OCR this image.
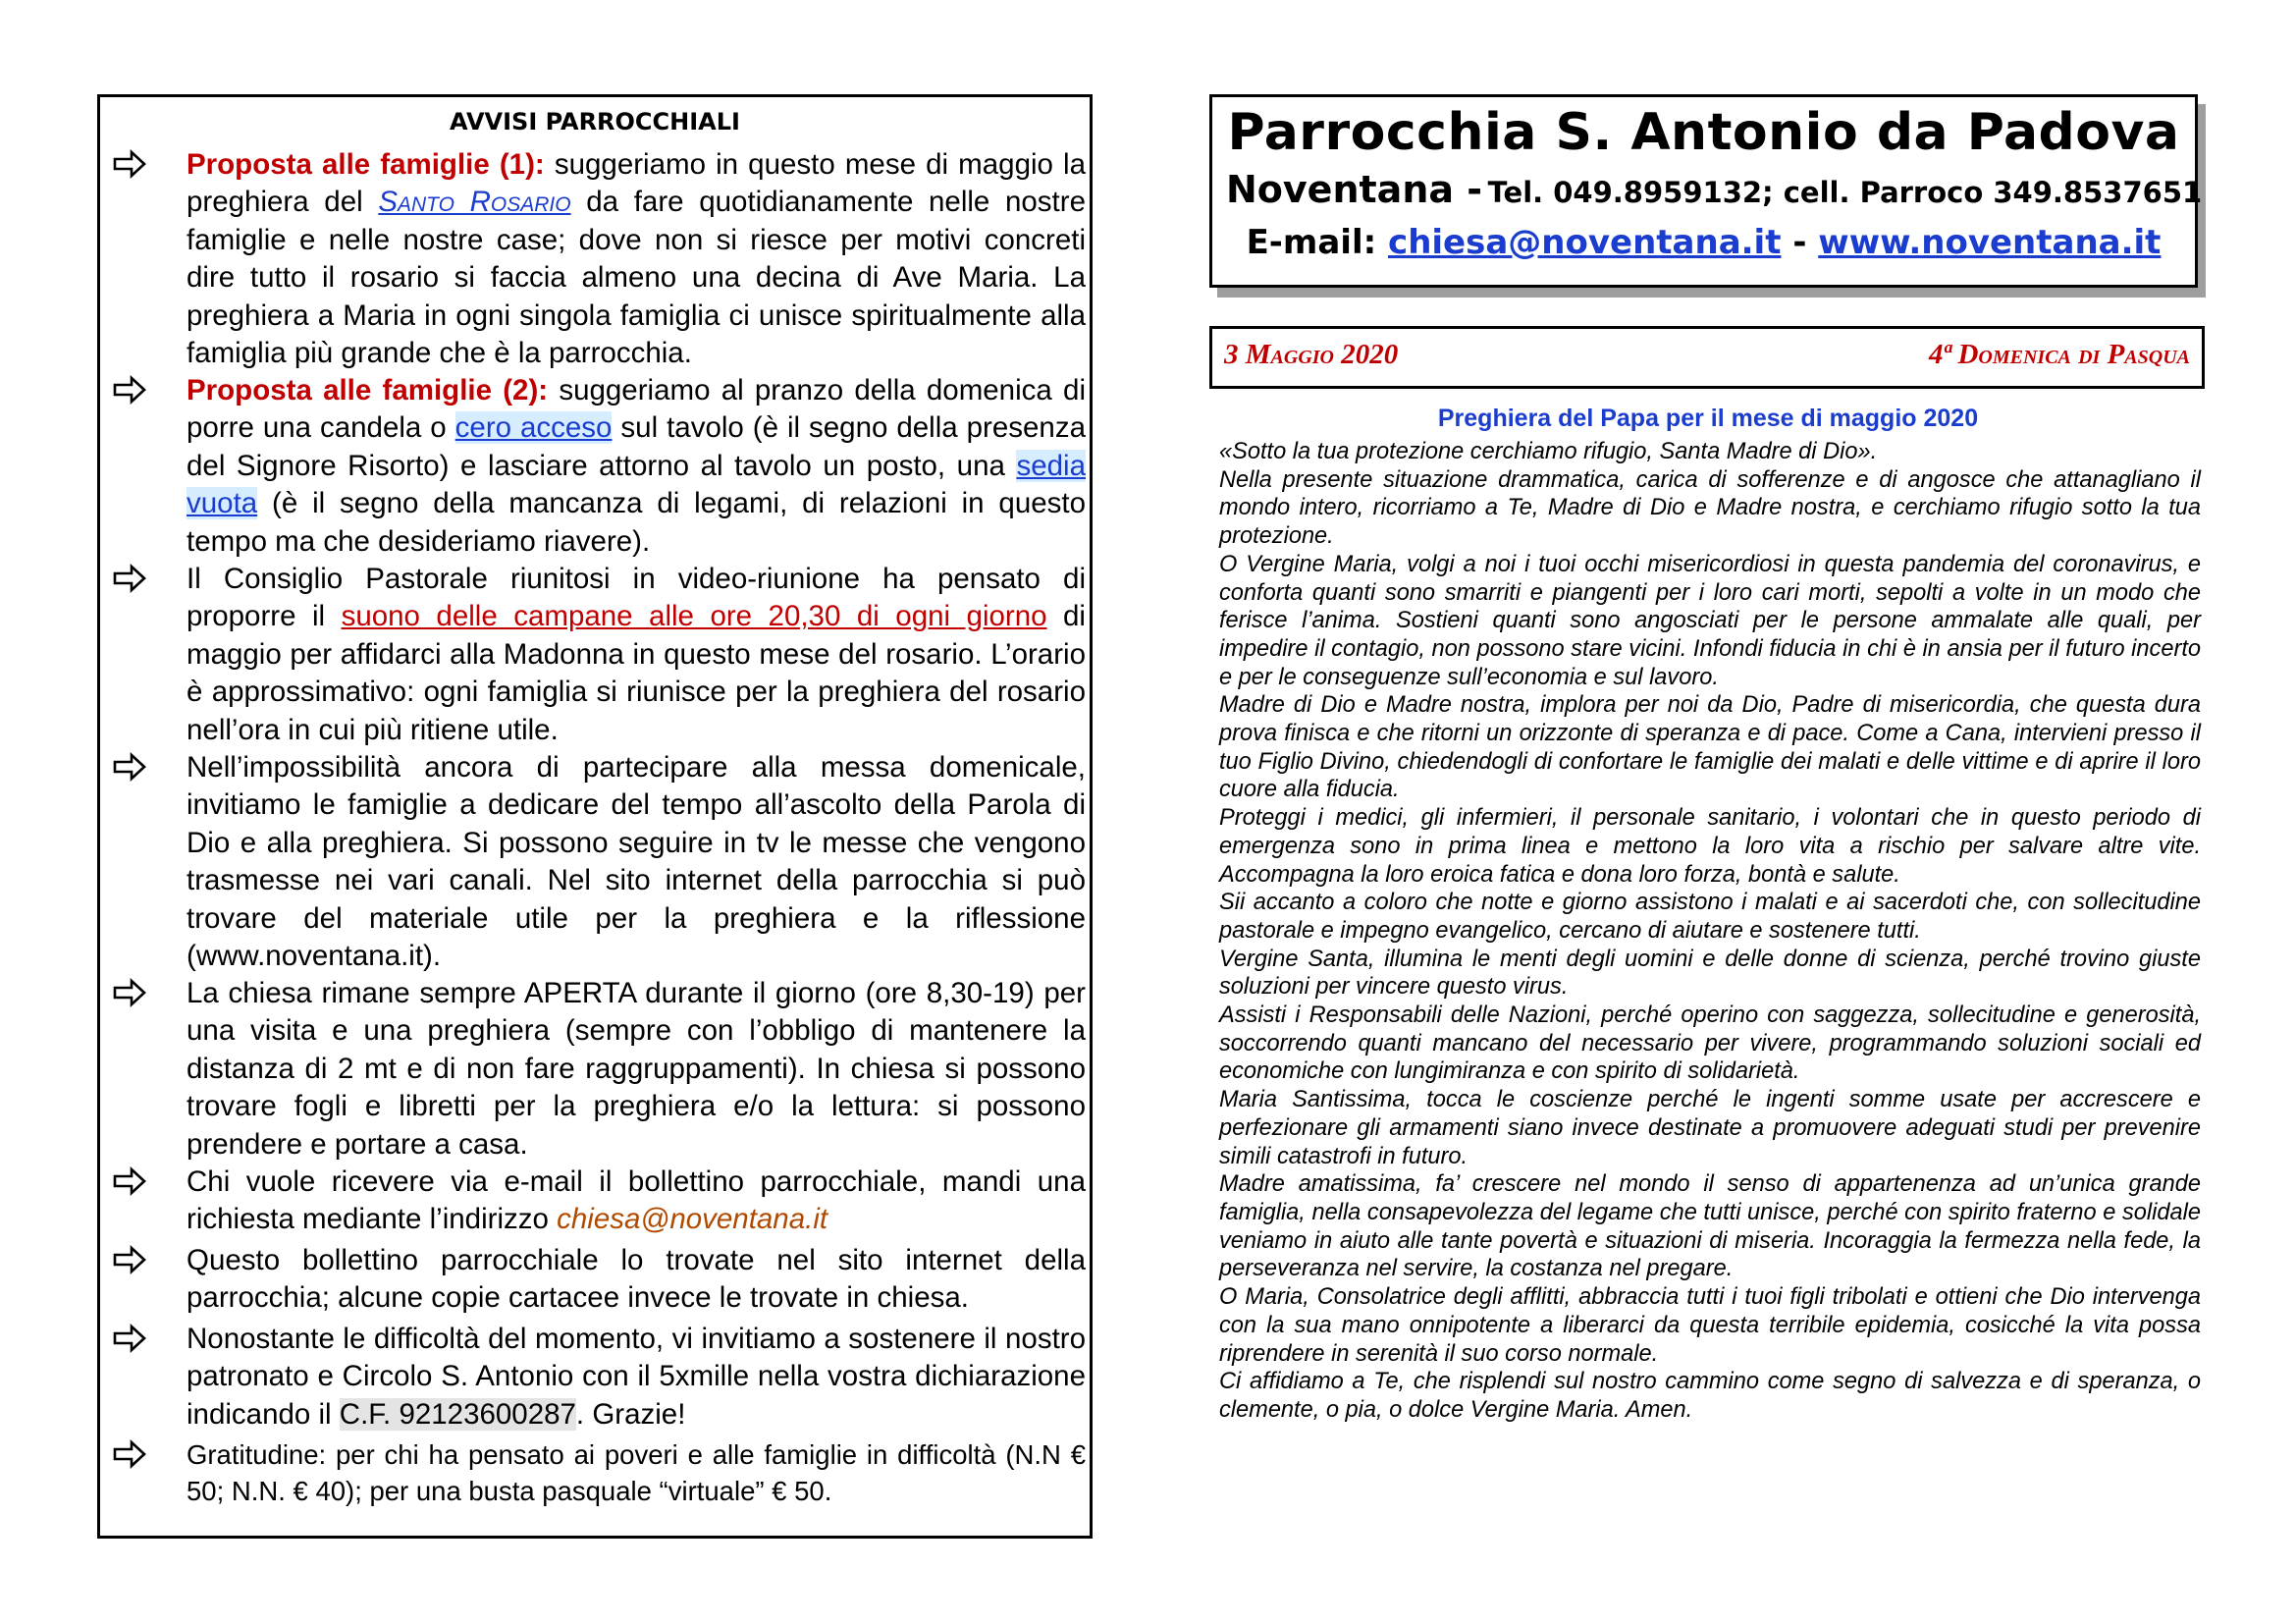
AVVISI PARROCCHIALI
Proposta alle famiglie (1): suggeriamo in questo mese di maggio la preghiera del Santo Rosario da fare quotidianamente nelle nostre famiglie e nelle nostre case; dove non si riesce per motivi concreti dire tutto il rosario si faccia almeno una decina di Ave Maria. La preghiera a Maria in ogni singola famiglia ci unisce spiritualmente alla famiglia più grande che è la parrocchia.
Proposta alle famiglie (2): suggeriamo al pranzo della domenica di porre una candela o cero acceso sul tavolo (è il segno della presenza del Signore Risorto) e lasciare attorno al tavolo un posto, una sedia vuota (è il segno della mancanza di legami, di relazioni in questo tempo ma che desideriamo riavere).
Il Consiglio Pastorale riunitosi in video-riunione ha pensato di proporre il suono delle campane alle ore 20,30 di ogni giorno di maggio per affidarci alla Madonna in questo mese del rosario. L’orario è approssimativo: ogni famiglia si riunisce per la preghiera del rosario nell’ora in cui più ritiene utile.
Nell’impossibilità ancora di partecipare alla messa domenicale, invitiamo le famiglie a dedicare del tempo all’ascolto della Parola di Dio e alla preghiera. Si possono seguire in tv le messe che vengono trasmesse nei vari canali. Nel sito internet della parrocchia si può trovare del materiale utile per la preghiera e la riflessione (www.noventana.it).
La chiesa rimane sempre APERTA durante il giorno (ore 8,30-19) per una visita e una preghiera (sempre con l’obbligo di mantenere la distanza di 2 mt e di non fare raggruppamenti). In chiesa si possono trovare fogli e libretti per la preghiera e/o la lettura: si possono prendere e portare a casa.
Chi vuole ricevere via e-mail il bollettino parrocchiale, mandi una richiesta mediante l’indirizzo chiesa@noventana.it
Questo bollettino parrocchiale lo trovate nel sito internet della parrocchia; alcune copie cartacee invece le trovate in chiesa.
Nonostante le difficoltà del momento, vi invitiamo a sostenere il nostro patronato e Circolo S. Antonio con il 5xmille nella vostra dichiarazione indicando il C.F. 92123600287. Grazie!
Gratitudine: per chi ha pensato ai poveri e alle famiglie in difficoltà (N.N € 50; N.N. € 40); per una busta pasquale “virtuale” € 50.
Parrocchia S. Antonio da Padova
Noventana - Tel. 049.8959132; cell. Parroco 349.8537651
E-mail: chiesa@noventana.it - www.noventana.it
3 Maggio 2020	4ª Domenica di Pasqua
Preghiera del Papa per il mese di maggio 2020

«Sotto la tua protezione cerchiamo rifugio, Santa Madre di Dio».

Nella presente situazione drammatica, carica di sofferenze e di angosce che attanagliano il mondo intero, ricorriamo a Te, Madre di Dio e Madre nostra, e cerchiamo rifugio sotto la tua protezione.

O Vergine Maria, volgi a noi i tuoi occhi misericordiosi in questa pandemia del coronavirus, e conforta quanti sono smarriti e piangenti per i loro cari morti, sepolti a volte in un modo che ferisce l’anima. Sostieni quanti sono angosciati per le persone ammalate alle quali, per impedire il contagio, non possono stare vicini. Infondi fiducia in chi è in ansia per il futuro incerto e per le conseguenze sull’economia e sul lavoro.

Madre di Dio e Madre nostra, implora per noi da Dio, Padre di misericordia, che questa dura prova finisca e che ritorni un orizzonte di speranza e di pace. Come a Cana, intervieni presso il tuo Figlio Divino, chiedendogli di confortare le famiglie dei malati e delle vittime e di aprire il loro cuore alla fiducia.

Proteggi i medici, gli infermieri, il personale sanitario, i volontari che in questo periodo di emergenza sono in prima linea e mettono la loro vita a rischio per salvare altre vite. Accompagna la loro eroica fatica e dona loro forza, bontà e salute.

Sii accanto a coloro che notte e giorno assistono i malati e ai sacerdoti che, con sollecitudine pastorale e impegno evangelico, cercano di aiutare e sostenere tutti.

Vergine Santa, illumina le menti degli uomini e delle donne di scienza, perché trovino giuste soluzioni per vincere questo virus.

Assisti i Responsabili delle Nazioni, perché operino con saggezza, sollecitudine e generosità, soccorrendo quanti mancano del necessario per vivere, programmando soluzioni sociali ed economiche con lungimiranza e con spirito di solidarietà.

Maria Santissima, tocca le coscienze perché le ingenti somme usate per accrescere e perfezionare gli armamenti siano invece destinate a promuovere adeguati studi per prevenire simili catastrofi in futuro.

Madre amatissima, fa’ crescere nel mondo il senso di appartenenza ad un’unica grande famiglia, nella consapevolezza del legame che tutti unisce, perché con spirito fraterno e solidale veniamo in aiuto alle tante povertà e situazioni di miseria. Incoraggia la fermezza nella fede, la perseveranza nel servire, la costanza nel pregare.

O Maria, Consolatrice degli afflitti, abbraccia tutti i tuoi figli tribolati e ottieni che Dio intervenga con la sua mano onnipotente a liberarci da questa terribile epidemia, cosicché la vita possa riprendere in serenità il suo corso normale.

Ci affidiamo a Te, che risplendi sul nostro cammino come segno di salvezza e di speranza, o clemente, o pia, o dolce Vergine Maria. Amen.
